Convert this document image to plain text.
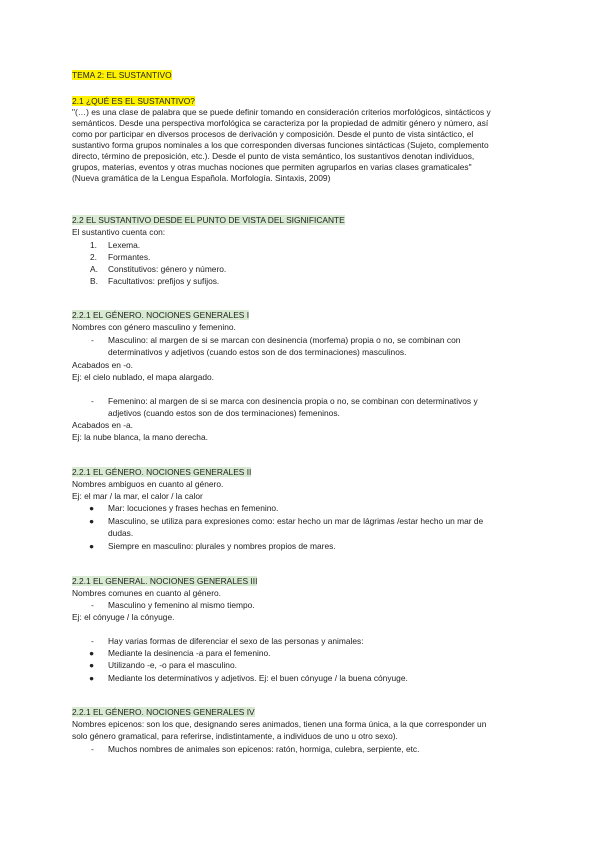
TEMA 2: EL SUSTANTIVO
2.1 ¿QUÉ ES EL SUSTANTIVO?
"(…) es una clase de palabra que se puede definir tomando en consideración criterios morfológicos, sintácticos y
semánticos. Desde una perspectiva morfológica se caracteriza por la propiedad de admitir género y número, así
como por participar en diversos procesos de derivación y composición. Desde el punto de vista sintáctico, el
sustantivo forma grupos nominales a los que corresponden diversas funciones sintácticas (Sujeto, complemento
directo, término de preposición, etc.). Desde el punto de vista semántico, los sustantivos denotan individuos,
grupos, materias, eventos y otras muchas nociones que permiten agruparlos en varias clases gramaticales"
(Nueva gramática de la Lengua Española. Morfología. Sintaxis, 2009)
2.2 EL SUSTANTIVO DESDE EL PUNTO DE VISTA DEL SIGNIFICANTE
El sustantivo cuenta con:
1. Lexema.
2. Formantes.
A. Constitutivos: género y número.
B. Facultativos: prefijos y sufijos.
2.2.1 EL GÉNERO. NOCIONES GENERALES I
Nombres con género masculino y femenino.
- Masculino: al margen de si se marcan con desinencia (morfema) propia o no, se combinan con
determinativos y adjetivos (cuando estos son de dos terminaciones) masculinos.
Acabados en -o.
Ej: el cielo nublado, el mapa alargado.
- Femenino: al margen de si se marca con desinencia propia o no, se combinan con determinativos y
adjetivos (cuando estos son de dos terminaciones) femeninos.
Acabados en -a.
Ej: la nube blanca, la mano derecha.
2.2.1 EL GÉNERO. NOCIONES GENERALES II
Nombres ambiguos en cuanto al género.
Ej: el mar / la mar, el calor / la calor
● Mar: locuciones y frases hechas en femenino.
● Masculino, se utiliza para expresiones como: estar hecho un mar de lágrimas /estar hecho un mar de
dudas.
● Siempre en masculino: plurales y nombres propios de mares.
2.2.1 EL GENERAL. NOCIONES GENERALES III
Nombres comunes en cuanto al género.
- Masculino y femenino al mismo tiempo.
Ej: el cónyuge / la cónyuge.
- Hay varias formas de diferenciar el sexo de las personas y animales:
● Mediante la desinencia -a para el femenino.
● Utilizando -e, -o para el masculino.
● Mediante los determinativos y adjetivos. Ej: el buen cónyuge / la buena cónyuge.
2.2.1 EL GÉNERO. NOCIONES GENERALES IV
Nombres epicenos: son los que, designando seres animados, tienen una forma única, a la que corresponder un
solo género gramatical, para referirse, indistintamente, a individuos de uno u otro sexo).
- Muchos nombres de animales son epicenos: ratón, hormiga, culebra, serpiente, etc.
